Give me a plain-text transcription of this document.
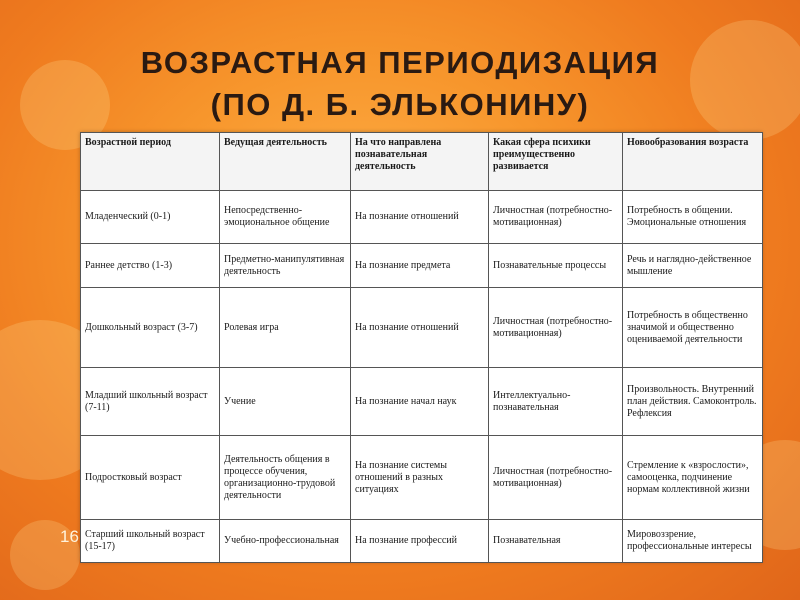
ВОЗРАСТНАЯ ПЕРИОДИЗАЦИЯ
(ПО Д. Б. ЭЛЬКОНИНУ)
16
Возрастной период	Ведущая деятельность	На что направлена познавательная деятельность	Какая сфера психики преимущественно развивается	Новообразования возраста
Младенческий (0-1)	Непосредственно-эмоциональное общение	На познание отношений	Личностная (потребностно-мотивационная)	Потребность в общении. Эмоциональные отношения
Раннее детство (1-3)	Предметно-манипулятивная деятельность	На познание предмета	Познавательные процессы	Речь и наглядно-действенное мышление
Дошкольный возраст (3-7)	Ролевая игра	На познание отношений	Личностная (потребностно-мотивационная)	Потребность в общественно значимой и общественно оцениваемой деятельности
Младший школьный возраст (7-11)	Учение	На познание начал наук	Интеллектуально-познавательная	Произвольность. Внутренний план действия. Самоконтроль. Рефлексия
Подростковый возраст	Деятельность общения в процессе обучения, организационно-трудовой деятельности	На познание системы отношений в разных ситуациях	Личностная (потребностно-мотивационная)	Стремление к «взрослости», самооценка, подчинение нормам коллективной жизни
Старший школьный возраст (15-17)	Учебно-профессиональная	На познание профессий	Познавательная	Мировоззрение, профессиональные интересы
